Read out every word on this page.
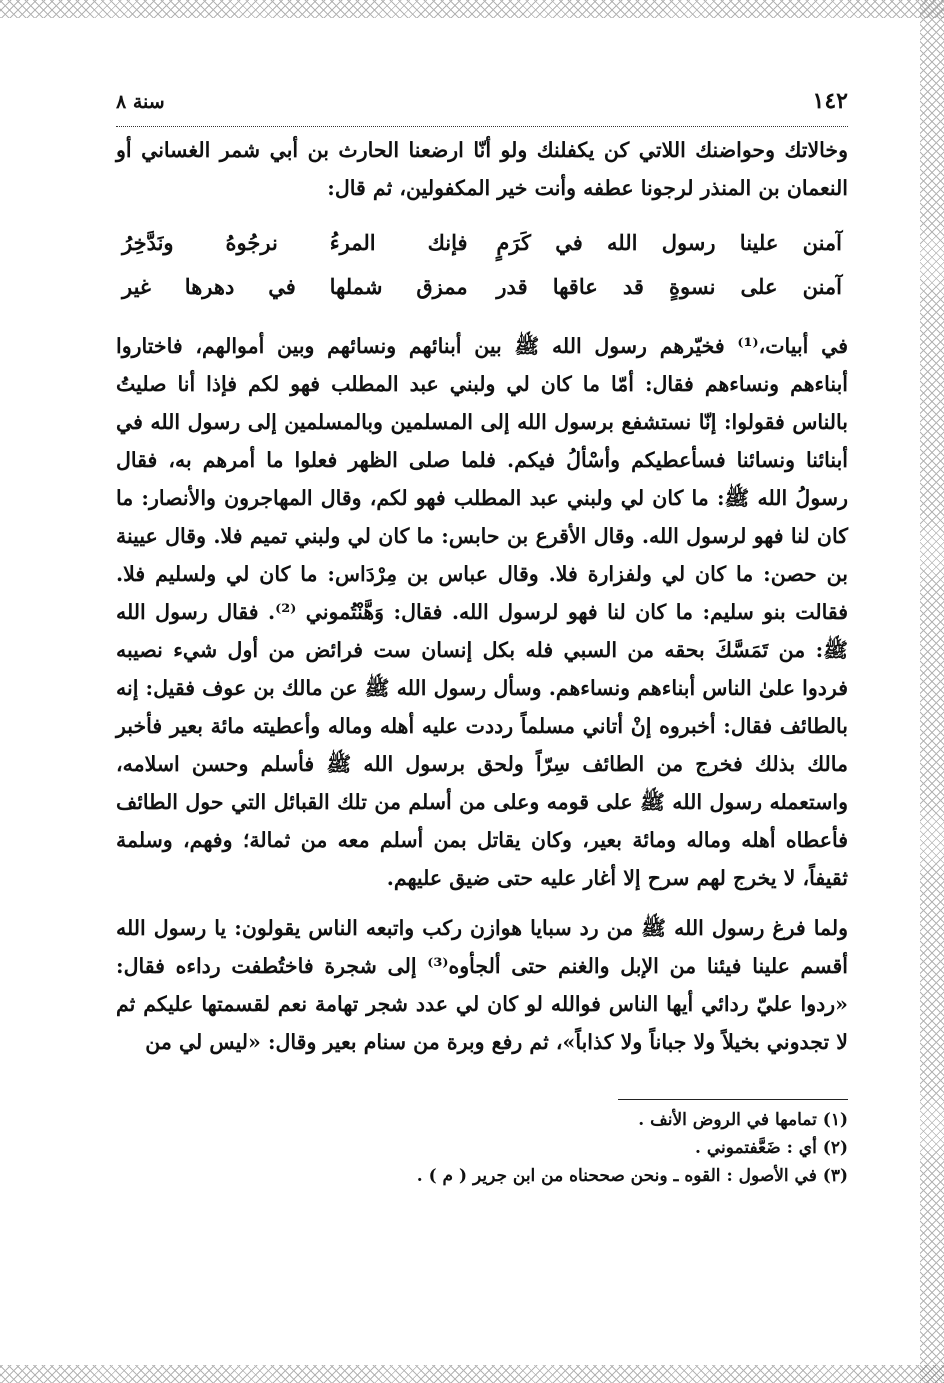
١٤٢
سنة ٨

وخالاتك وحواضنك اللاتي كن يكفلنك ولو أنّا ارضعنا الحارث بن أبي شمر الغساني أو النعمان بن المنذر لرجونا عطفه وأنت خير المكفولين، ثم قال:

آمنن علينا رسول الله في كَرَمٍ
فإنك المرءُ نرجُوهُ ونَدَّخِرُ
آمنن على نسوةٍ قد عاقها قدر
ممزق شملها في دهرها غير

في أبيات،⁽¹⁾ فخيّرهم رسول الله ﷺ بين أبنائهم ونسائهم وبين أموالهم، فاختاروا أبناءهم ونساءهم فقال: أمّا ما كان لي ولبني عبد المطلب فهو لكم فإذا أنا صليتُ بالناس فقولوا: إنّا نستشفع برسول الله إلى المسلمين وبالمسلمين إلى رسول الله في أبنائنا ونسائنا فسأعطيكم وأسْألُ فيكم. فلما صلى الظهر فعلوا ما أمرهم به، فقال رسولُ الله ﷺ: ما كان لي ولبني عبد المطلب فهو لكم، وقال المهاجرون والأنصار: ما كان لنا فهو لرسول الله. وقال الأقرع بن حابس: ما كان لي ولبني تميم فلا. وقال عيينة بن حصن: ما كان لي ولفزارة فلا. وقال عباس بن مِرْدَاس: ما كان لي ولسليم فلا. فقالت بنو سليم: ما كان لنا فهو لرسول الله. فقال: وَهَّنْتُموني ⁽²⁾. فقال رسول الله ﷺ: من تَمَسَّكَ بحقه من السبي فله بكل إنسان ست فرائض من أول شيء نصيبه فردوا علىٰ الناس أبناءهم ونساءهم. وسأل رسول الله ﷺ عن مالك بن عوف فقيل: إنه بالطائف فقال: أخبروه إنْ أتاني مسلماً رددت عليه أهله وماله وأعطيته مائة بعير فأخبر مالك بذلك فخرج من الطائف سِرّاً ولحق برسول الله ﷺ فأسلم وحسن اسلامه، واستعمله رسول الله ﷺ على قومه وعلى من أسلم من تلك القبائل التي حول الطائف فأعطاه أهله وماله ومائة بعير، وكان يقاتل بمن أسلم معه من ثمالة؛ وفهم، وسلمة ثقيفاً، لا يخرج لهم سرح إلا أغار عليه حتى ضيق عليهم.

ولما فرغ رسول الله ﷺ من رد سبايا هوازن ركب واتبعه الناس يقولون: يا رسول الله أقسم علينا فيئنا من الإبل والغنم حتى ألجأوه⁽³⁾ إلى شجرة فاختُطفت رداءه فقال: «ردوا عليّ ردائي أيها الناس فوالله لو كان لي عدد شجر تهامة نعم لقسمتها عليكم ثم لا تجدوني بخيلاً ولا جباناً ولا كذاباً»، ثم رفع وبرة من سنام بعير وقال: «ليس لي من

(١) تمامها في الروض الأنف .

(٢) أي : ضَعَّفتموني .

(٣) في الأصول : القوه ـ ونحن صححناه من ابن جرير ( م ) .
